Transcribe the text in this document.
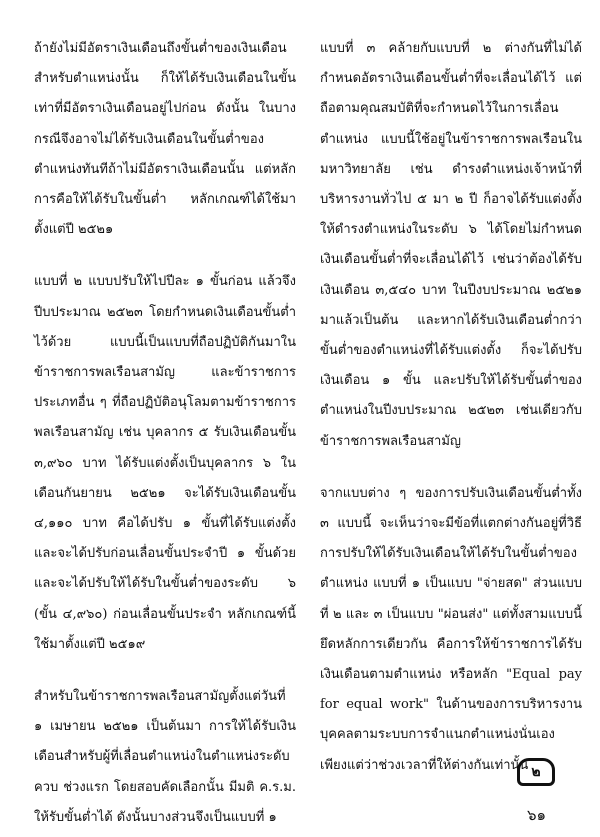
ถ้ายังไม่มีอัตราเงินเดือนถึงขั้นต่ำของเงินเดือนสำหรับตำแหน่งนั้น ก็ให้ได้รับเงินเดือนในขั้นเท่าที่มีอัตราเงินเดือนอยู่ไปก่อน ดังนั้น ในบางกรณีจึงอาจไม่ได้รับเงินเดือนในขั้นต่ำของตำแหน่งทันทีถ้าไม่มีอัตราเงินเดือนนั้น แต่หลักการคือให้ได้รับในขั้นต่ำ หลักเกณฑ์ได้ใช้มาตั้งแต่ปี ๒๕๒๑

แบบที่ ๒ แบบปรับให้ไปปีละ ๑ ขั้นก่อน แล้วจึงปีบประมาณ ๒๕๒๓ โดยกำหนดเงินเดือนขั้นต่ำไว้ด้วย แบบนี้เป็นแบบที่ถือปฏิบัติกันมาในข้าราชการพลเรือนสามัญ และข้าราชการประเภทอื่น ๆ ที่ถือปฏิบัติอนุโลมตามข้าราชการพลเรือนสามัญ เช่น บุคลากร ๕ รับเงินเดือนขั้น ๓,๙๖๐ บาท ได้รับแต่งตั้งเป็นบุคลากร ๖ ในเดือนกันยายน ๒๕๒๑ จะได้รับเงินเดือนขั้น ๔,๑๑๐ บาท คือได้ปรับ ๑ ขั้นที่ได้รับแต่งตั้ง และจะได้ปรับก่อนเลื่อนขั้นประจำปี ๑ ขั้นด้วย และจะได้ปรับให้ได้รับในขั้นต่ำของระดับ ๖ (ขั้น ๔,๙๖๐) ก่อนเลื่อนขั้นประจำ หลักเกณฑ์นี้ใช้มาตั้งแต่ปี ๒๕๑๙

สำหรับในข้าราชการพลเรือนสามัญตั้งแต่วันที่ ๑ เมษายน ๒๕๒๑ เป็นต้นมา การให้ได้รับเงินเดือนสำหรับผู้ที่เลื่อนตำแหน่งในตำแหน่งระดับควบ ช่วงแรก โดยสอบคัดเลือกนั้น มีมติ ค.ร.ม. ให้รับขั้นต่ำได้ ดังนั้นบางส่วนจึงเป็นแบบที่ ๑

แบบที่ ๓ คล้ายกับแบบที่ ๒ ต่างกันที่ไม่ได้กำหนดอัตราเงินเดือนขั้นต่ำที่จะเลื่อนได้ไว้ แต่ถือตามคุณสมบัติที่จะกำหนดไว้ในการเลื่อนตำแหน่ง แบบนี้ใช้อยู่ในข้าราชการพลเรือนในมหาวิทยาลัย เช่น ดำรงตำแหน่งเจ้าหน้าที่บริหารงานทั่วไป ๕ มา ๒ ปี ก็อาจได้รับแต่งตั้งให้ดำรงตำแหน่งในระดับ ๖ ได้โดยไม่กำหนดเงินเดือนขั้นต่ำที่จะเลื่อนได้ไว้ เช่นว่าต้องได้รับเงินเดือน ๓,๕๔๐ บาท ในปีงบประมาณ ๒๕๒๑ มาแล้วเป็นต้น และหากได้รับเงินเดือนต่ำกว่าขั้นต่ำของตำแหน่งที่ได้รับแต่งตั้ง ก็จะได้ปรับเงินเดือน ๑ ขั้น และปรับให้ได้รับขั้นต่ำของตำแหน่งในปีงบประมาณ ๒๕๒๓ เช่นเดียวกับข้าราชการพลเรือนสามัญ

จากแบบต่าง ๆ ของการปรับเงินเดือนขั้นต่ำทั้ง ๓ แบบนี้ จะเห็นว่าจะมีข้อที่แตกต่างกันอยู่ที่วิธีการปรับให้ได้รับเงินเดือนให้ได้รับในขั้นต่ำของตำแหน่ง แบบที่ ๑ เป็นแบบ "จ่ายสด" ส่วนแบบที่ ๒ และ ๓ เป็นแบบ "ผ่อนส่ง" แต่ทั้งสามแบบนี้ยึดหลักการเดียวกัน คือการให้ข้าราชการได้รับเงินเดือนตามตำแหน่ง หรือหลัก "Equal pay for equal work" ในด้านของการบริหารงานบุคคลตามระบบการจำแนกตำแหน่งนั่นเอง เพียงแต่ว่าช่วงเวลาที่ให้ต่างกันเท่านั้น ๒
๖๑
